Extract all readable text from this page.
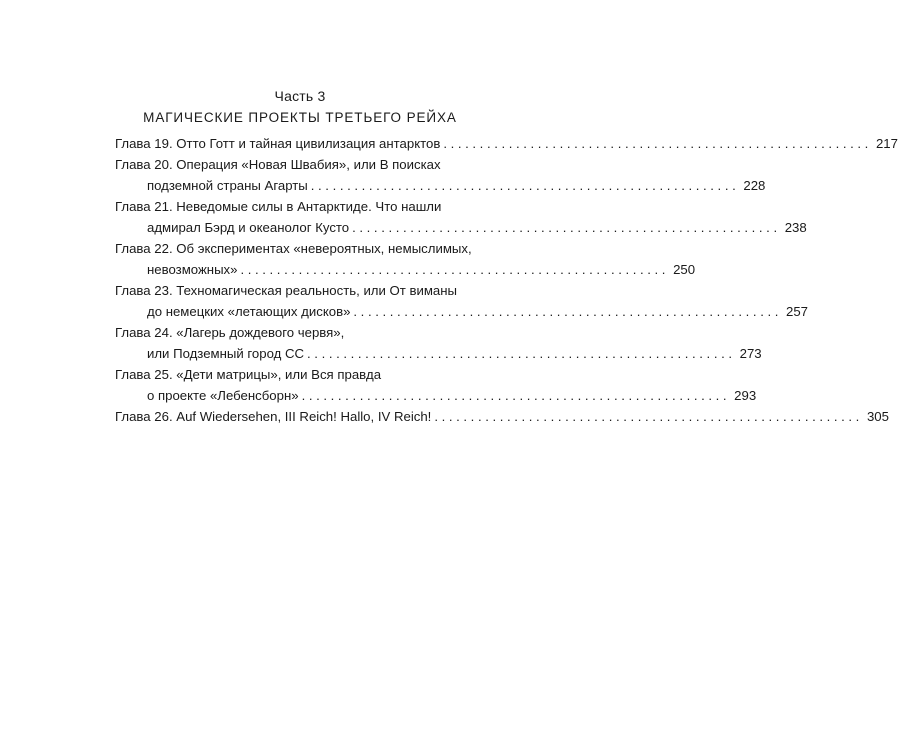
Часть 3
МАГИЧЕСКИЕ ПРОЕКТЫ ТРЕТЬЕГО РЕЙХА
Глава 19. Отто Готт и тайная цивилизация антарктов ........................................................... 217
Глава 20. Операция «Новая Швабия», или В поисках
подземной страны Агарты ........................................................... 228
Глава 21. Неведомые силы в Антарктиде. Что нашли
адмирал Бэрд и океанолог Кусто ........................................................... 238
Глава 22. Об экспериментах «невероятных, немыслимых,
невозможных» ........................................................... 250
Глава 23. Техномагическая реальность, или От виманы
до немецких «летающих дисков» ........................................................... 257
Глава 24. «Лагерь дождевого червя»,
или Подземный город СС ........................................................... 273
Глава 25. «Дети матрицы», или Вся правда
о проекте «Лебенсборн» ........................................................... 293
Глава 26. Auf Wiedersehen, III Reich! Hallo, IV Reich! ........................................................... 305
